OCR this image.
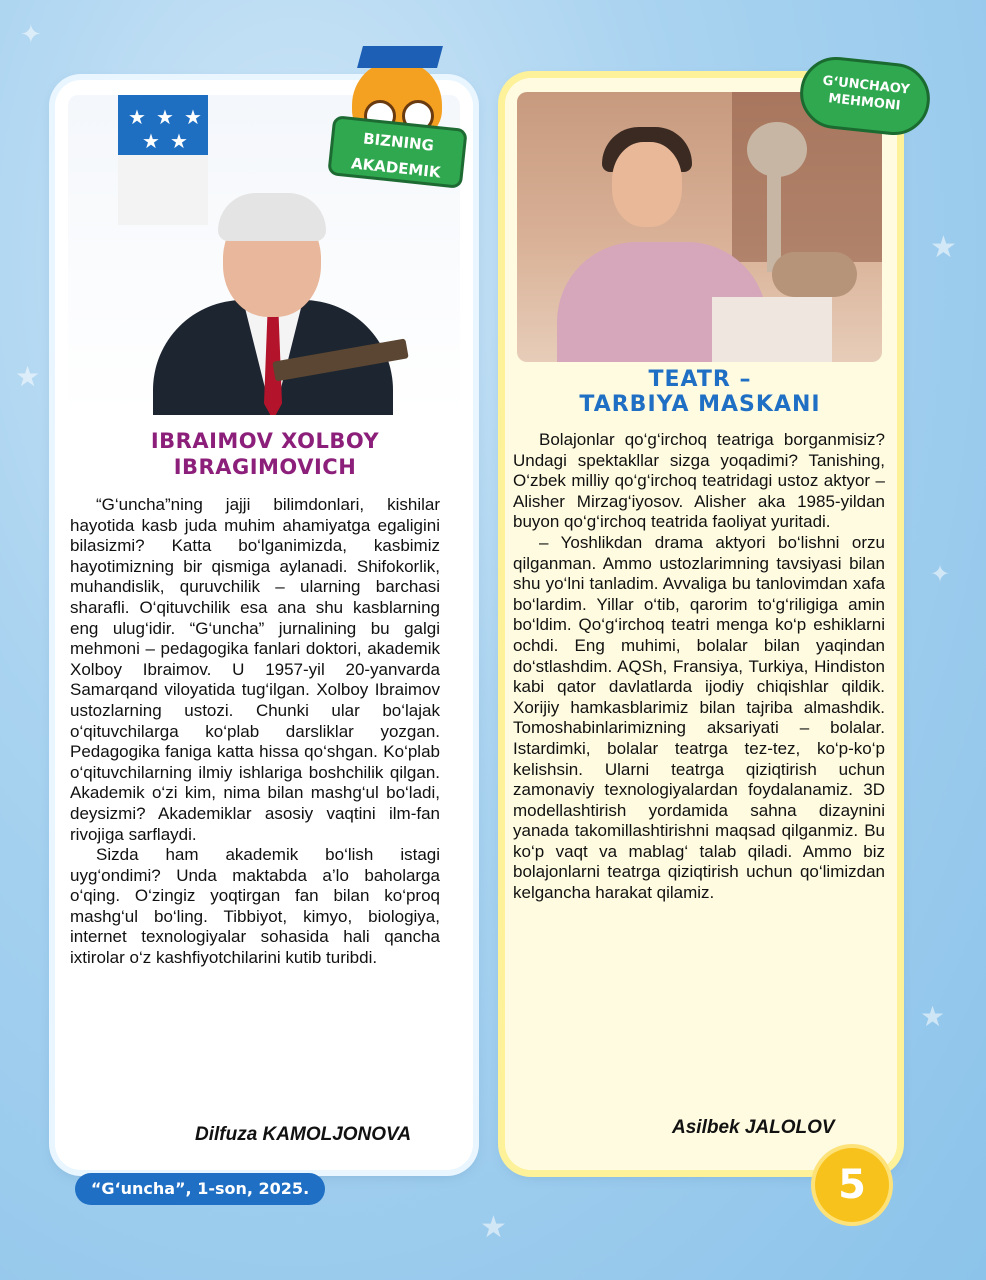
✦
★
★
✦
★
★
★ ★ ★
★ ★	BIZNING AKADEMIK
IBRAIMOV XOLBOY
IBRAGIMOVICH

“G‘uncha”ning jajji bilimdonlari, kishilar hayotida kasb juda muhim ahamiyatga egaligini bilasizmi? Katta bo‘lganimizda, kasbimiz hayotimizning bir qismiga aylanadi. Shifokorlik, muhandislik, quruvchilik – ularning barchasi sharafli. O‘qituvchilik esa ana shu kasblarning eng ulug‘idir. “G‘uncha” jurnalining bu galgi mehmoni – pedagogika fanlari doktori, akademik Xolboy Ibraimov. U 1957-yil 20-yanvarda Samarqand viloyatida tug‘ilgan. Xolboy Ibraimov ustozlarning ustozi. Chunki ular bo‘lajak o‘qituvchilarga ko‘plab darsliklar yozgan. Pedagogika faniga katta hissa qo‘shgan. Ko‘plab o‘qituvchilarning ilmiy ishlariga boshchilik qilgan. Akademik o‘zi kim, nima bilan mashg‘ul bo‘ladi, deysizmi? Akademiklar asosiy vaqtini ilm-fan rivojiga sarflaydi.

Sizda ham akademik bo‘lish istagi uyg‘ondimi? Unda maktabda a’lo baholarga o‘qing. O‘zingiz yoqtirgan fan bilan ko‘proq mashg‘ul bo‘ling. Tibbiyot, kimyo, biologiya, internet texnologiyalar sohasida hali qancha ixtirolar o‘z kashfiyotchilarini kutib turibdi.

Dilfuza KAMOLJONOVA
G‘UNCHAOY
MEHMONI
TEATR –
TARBIYA MASKANI

Bolajonlar qo‘g‘irchoq teatriga borganmisiz? Undagi spektakllar sizga yoqadimi? Tanishing, O‘zbek milliy qo‘g‘irchoq teatridagi ustoz aktyor – Alisher Mirzag‘iyosov. Alisher aka 1985-yildan buyon qo‘g‘irchoq teatrida faoliyat yuritadi.

– Yoshlikdan drama aktyori bo‘lishni orzu qilganman. Ammo ustozlarimning tavsiyasi bilan shu yo‘lni tanladim. Avvaliga bu tanlovimdan xafa bo‘lardim. Yillar o‘tib, qarorim to‘g‘riligiga amin bo‘ldim. Qo‘g‘irchoq teatri menga ko‘p eshiklarni ochdi. Eng muhimi, bolalar bilan yaqindan do‘stlashdim. AQSh, Fransiya, Turkiya, Hindiston kabi qator davlatlarda ijodiy chiqishlar qildik. Xorijiy hamkasblarimiz bilan tajriba almashdik. Tomoshabinlarimizning aksariyati – bolalar. Istardimki, bolalar teatrga tez-tez, ko‘p-ko‘p kelishsin. Ularni teatrga qiziqtirish uchun zamonaviy texnologiyalardan foydalanamiz. 3D modellashtirish yordamida sahna dizaynini yanada takomillashtirishni maqsad qilganmiz. Bu ko‘p vaqt va mablag‘ talab qiladi. Ammo biz bolajonlarni teatrga qiziqtirish uchun qo‘limizdan kelgancha harakat qilamiz.

Asilbek JALOLOV
“G‘uncha”, 1-son, 2025.	5
